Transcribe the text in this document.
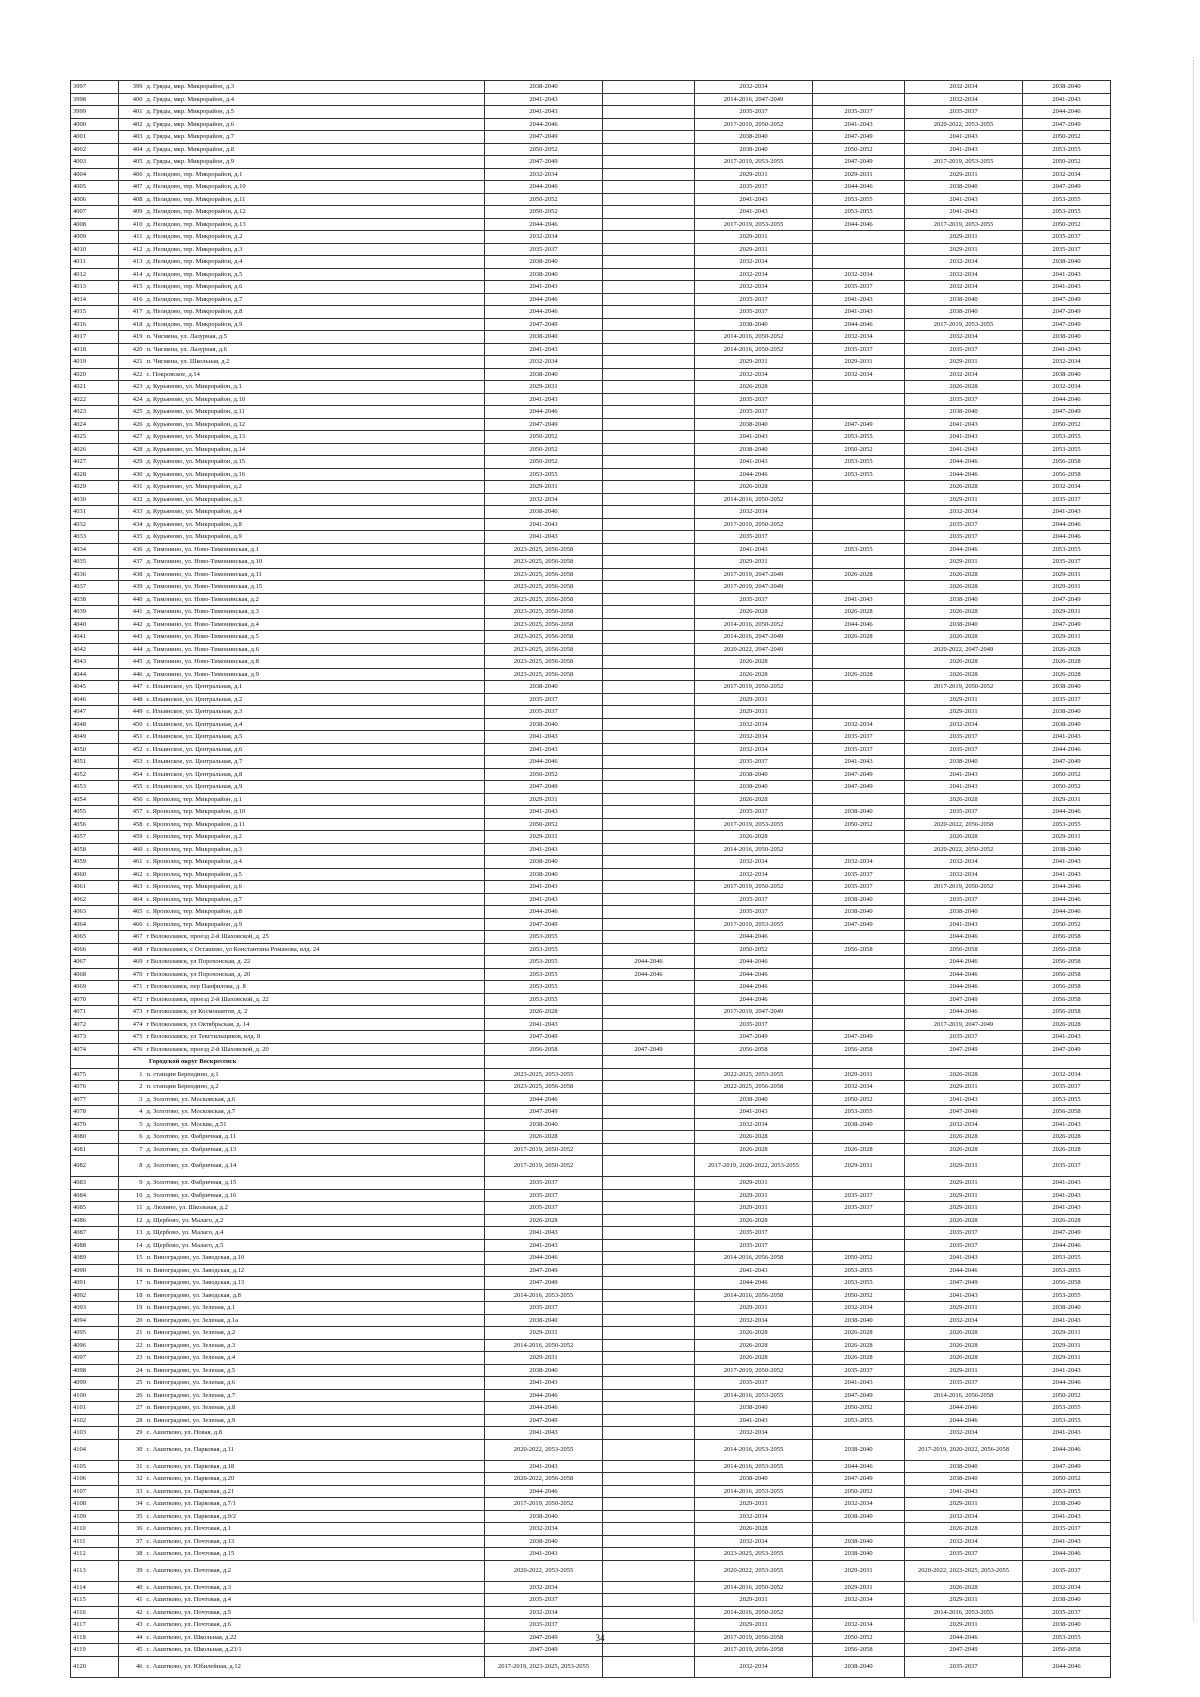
3997	399	д. Гряды, мкр. Микрорайон, д.3	2038-2040		2032-2034		2032-2034	2038-2040
3998	400	д. Гряды, мкр. Микрорайон, д.4	2041-2043		2014-2016, 2047-2049		2032-2034	2041-2043
3999	401	д. Гряды, мкр. Микрорайон, д.5	2041-2043		2035-2037	2035-2037	2035-2037	2044-2046
4000	402	д. Гряды, мкр. Микрорайон, д.6	2044-2046		2017-2019, 2050-2052	2041-2043	2020-2022, 2053-2055	2047-2049
4001	403	д. Гряды, мкр. Микрорайон, д.7	2047-2049		2038-2040	2047-2049	2041-2043	2050-2052
4002	404	д. Гряды, мкр. Микрорайон, д.8	2050-2052		2038-2040	2050-2052	2041-2043	2053-2055
4003	405	д. Гряды, мкр. Микрорайон, д.9	2047-2049		2017-2019, 2053-2055	2047-2049	2017-2019, 2053-2055	2050-2052
4004	406	д. Нелидово, тер. Микрорайон, д.1	2032-2034		2029-2031	2029-2031	2029-2031	2032-2034
4005	407	д. Нелидово, тер. Микрорайон, д.10	2044-2046		2035-2037	2044-2046	2038-2040	2047-2049
4006	408	д. Нелидово, тер. Микрорайон, д.11	2050-2052		2041-2043	2053-2055	2041-2043	2053-2055
4007	409	д. Нелидово, тер. Микрорайон, д.12	2050-2052		2041-2043	2053-2055	2041-2043	2053-2055
4008	410	д. Нелидово, тер. Микрорайон, д.13	2044-2046		2017-2019, 2053-2055	2044-2046	2017-2019, 2053-2055	2050-2052
4009	411	д. Нелидово, тер. Микрорайон, д.2	2032-2034		2029-2031		2029-2031	2035-2037
4010	412	д. Нелидово, тер. Микрорайон, д.3	2035-2037		2029-2031		2029-2031	2035-2037
4011	413	д. Нелидово, тер. Микрорайон, д.4	2038-2040		2032-2034		2032-2034	2038-2040
4012	414	д. Нелидово, тер. Микрорайон, д.5	2038-2040		2032-2034	2032-2034	2032-2034	2041-2043
4013	415	д. Нелидово, тер. Микрорайон, д.6	2041-2043		2032-2034	2035-2037	2032-2034	2041-2043
4014	416	д. Нелидово, тер. Микрорайон, д.7	2044-2046		2035-2037	2041-2043	2038-2040	2047-2049
4015	417	д. Нелидово, тер. Микрорайон, д.8	2044-2046		2035-2037	2041-2043	2038-2040	2047-2049
4016	418	д. Нелидово, тер. Микрорайон, д.9	2047-2049		2038-2040	2044-2046	2017-2019, 2053-2055	2047-2049
4017	419	п. Чисмена, ул. Лазурная, д.5	2038-2040		2014-2016, 2050-2052	2032-2034	2032-2034	2038-2040
4018	420	п. Чисмена, ул. Лазурная, д.6	2041-2043		2014-2016, 2050-2052	2035-2037	2035-2037	2041-2043
4019	421	п. Чисмена, ул. Школьная, д.2	2032-2034		2029-2031	2029-2031	2029-2031	2032-2034
4020	422	с. Покровское, д.14	2038-2040		2032-2034	2032-2034	2032-2034	2038-2040
4021	423	д. Курьяново, ул. Микрорайон, д.1	2029-2031		2026-2028		2026-2028	2032-2034
4022	424	д. Курьяново, ул. Микрорайон, д.10	2041-2043		2035-2037		2035-2037	2044-2046
4023	425	д. Курьяново, ул. Микрорайон, д.11	2044-2046		2035-2037		2038-2040	2047-2049
4024	426	д. Курьяново, ул. Микрорайон, д.12	2047-2049		2038-2040	2047-2049	2041-2043	2050-2052
4025	427	д. Курьяново, ул. Микрорайон, д.13	2050-2052		2041-2043	2053-2055	2041-2043	2053-2055
4026	428	д. Курьяново, ул. Микрорайон, д.14	2050-2052		2038-2040	2050-2052	2041-2043	2053-2055
4027	429	д. Курьяново, ул. Микрорайон, д.15	2050-2052		2041-2043	2053-2055	2044-2046	2056-2058
4028	430	д. Курьяново, ул. Микрорайон, д.16	2053-2055		2044-2046	2053-2055	2044-2046	2056-2058
4029	431	д. Курьяново, ул. Микрорайон, д.2	2029-2031		2026-2028		2026-2028	2032-2034
4030	432	д. Курьяново, ул. Микрорайон, д.3	2032-2034		2014-2016, 2050-2052		2029-2031	2035-2037
4031	433	д. Курьяново, ул. Микрорайон, д.4	2038-2040		2032-2034		2032-2034	2041-2043
4032	434	д. Курьяново, ул. Микрорайон, д.8	2041-2043		2017-2019, 2050-2052		2035-2037	2044-2046
4033	435	д. Курьяново, ул. Микрорайон, д.9	2041-2043		2035-2037		2035-2037	2044-2046
4034	436	д. Тимонино, ул. Ново-Тимонинская, д.1	2023-2025, 2056-2058		2041-2043	2053-2055	2044-2046	2053-2055
4035	437	д. Тимонино, ул. Ново-Тимонинская, д.10	2023-2025, 2056-2058		2029-2031		2029-2031	2035-2037
4036	438	д. Тимонино, ул. Ново-Тимонинская, д.11	2023-2025, 2056-2058		2017-2019, 2047-2049	2026-2028	2026-2028	2029-2031
4037	439	д. Тимонино, ул. Ново-Тимонинская, д.15	2023-2025, 2056-2058		2017-2019, 2047-2049		2026-2028	2029-2031
4038	440	д. Тимонино, ул. Ново-Тимонинская, д.2	2023-2025, 2056-2058		2035-2037	2041-2043	2038-2040	2047-2049
4039	441	д. Тимонино, ул. Ново-Тимонинская, д.3	2023-2025, 2056-2058		2026-2028	2026-2028	2026-2028	2029-2031
4040	442	д. Тимонино, ул. Ново-Тимонинская, д.4	2023-2025, 2056-2058		2014-2016, 2050-2052	2044-2046	2038-2040	2047-2049
4041	443	д. Тимонино, ул. Ново-Тимонинская, д.5	2023-2025, 2056-2058		2014-2016, 2047-2049	2026-2028	2026-2028	2029-2031
4042	444	д. Тимонино, ул. Ново-Тимонинская, д.6	2023-2025, 2056-2058		2020-2022, 2047-2049		2020-2022, 2047-2049	2026-2028
4043	445	д. Тимонино, ул. Ново-Тимонинская, д.8	2023-2025, 2056-2058		2026-2028		2026-2028	2026-2028
4044	446	д. Тимонино, ул. Ново-Тимонинская, д.9	2023-2025, 2056-2058		2026-2028	2026-2028	2026-2028	2026-2028
4045	447	с. Ильинское, ул. Центральная, д.1	2038-2040		2017-2019, 2050-2052		2017-2019, 2050-2052	2038-2040
4046	448	с. Ильинское, ул. Центральная, д.2	2035-2037		2029-2031		2029-2031	2035-2037
4047	449	с. Ильинское, ул. Центральная, д.3	2035-2037		2029-2031		2029-2031	2038-2040
4048	450	с. Ильинское, ул. Центральная, д.4	2038-2040		2032-2034	2032-2034	2032-2034	2038-2040
4049	451	с. Ильинское, ул. Центральная, д.5	2041-2043		2032-2034	2035-2037	2035-2037	2041-2043
4050	452	с. Ильинское, ул. Центральная, д.6	2041-2043		2032-2034	2035-2037	2035-2037	2044-2046
4051	453	с. Ильинское, ул. Центральная, д.7	2044-2046		2035-2037	2041-2043	2038-2040	2047-2049
4052	454	с. Ильинское, ул. Центральная, д.8	2050-2052		2038-2040	2047-2049	2041-2043	2050-2052
4053	455	с. Ильинское, ул. Центральная, д.9	2047-2049		2038-2040	2047-2049	2041-2043	2050-2052
4054	456	с. Ярополец, тер. Микрорайон, д.1	2029-2031		2026-2028		2026-2028	2029-2031
4055	457	с. Ярополец, тер. Микрорайон, д.10	2041-2043		2035-2037	2038-2040	2035-2037	2044-2046
4056	458	с. Ярополец, тер. Микрорайон, д.11	2050-2052		2017-2019, 2053-2055	2050-2052	2020-2022, 2056-2058	2053-2055
4057	459	с. Ярополец, тер. Микрорайон, д.2	2029-2031		2026-2028		2026-2028	2029-2031
4058	460	с. Ярополец, тер. Микрорайон, д.3	2041-2043		2014-2016, 2050-2052		2020-2022, 2050-2052	2038-2040
4059	461	с. Ярополец, тер. Микрорайон, д.4	2038-2040		2032-2034	2032-2034	2032-2034	2041-2043
4060	462	с. Ярополец, тер. Микрорайон, д.5	2038-2040		2032-2034	2035-2037	2032-2034	2041-2043
4061	463	с. Ярополец, тер. Микрорайон, д.6	2041-2043		2017-2019, 2050-2052	2035-2037	2017-2019, 2050-2052	2044-2046
4062	464	с. Ярополец, тер. Микрорайон, д.7	2041-2043		2035-2037	2038-2040	2035-2037	2044-2046
4063	465	с. Ярополец, тер. Микрорайон, д.8	2044-2046		2035-2037	2038-2040	2038-2040	2044-2046
4064	466	с. Ярополец, тер. Микрорайон, д.9	2047-2049		2017-2019, 2053-2055	2047-2049	2041-2043	2050-2052
4065	467	г Волоколамск, проезд 2-й Шаховской, д. 25	2053-2055		2044-2046		2044-2046	2056-2058
4066	468	г Волоколамск, с Осташево, ул Константина Романова, влд. 24	2053-2055		2050-2052	2056-2058	2056-2058	2056-2058
4067	469	г Волоколамск, ул Порохонская, д. 22	2053-2055	2044-2046	2044-2046		2044-2046	2056-2058
4068	470	г Волоколамск, ул Порохонская, д. 20	2053-2055	2044-2046	2044-2046		2044-2046	2056-2058
4069	471	г Волоколамск, пер Панфилова, д. 8	2053-2055		2044-2046		2044-2046	2056-2058
4070	472	г Волоколамск, проезд 2-й Шаховской, д. 22	2053-2055		2044-2046		2047-2049	2056-2058
4071	473	г Волоколамск, ул Космонавтов, д. 2	2026-2028		2017-2019, 2047-2049		2044-2046	2056-2058
4072	474	г Волоколамск, ул Октябрьская, д. 14	2041-2043		2035-2037		2017-2019, 2047-2049	2026-2028
4073	475	г Волоколамск, ул Текстильщиков, влд. 8	2047-2049		2047-2049	2047-2049	2035-2037	2041-2043
4074	476	г Волоколамск, проезд 2-й Шаховской, д. 20	2056-2058	2047-2049	2056-2058	2056-2058	2047-2049	2047-2049
	Городской округ Воскресенск							
4075	1	п. станции Берендино, д.1	2023-2025, 2053-2055		2022-2025, 2053-2055	2029-2031	2026-2028	2032-2034
4076	2	п. станции Берендино, д.2	2023-2025, 2056-2058		2022-2025, 2056-2058	2032-2034	2029-2031	2035-2037
4077	3	д. Золотово, ул. Московская, д.6	2044-2046		2038-2040	2050-2052	2041-2043	2053-2055
4078	4	д. Золотово, ул. Московская, д.7	2047-2049		2041-2043	2053-2055	2047-2049	2056-2058
4079	5	д. Золотово, ул. Москва, д.51	2038-2040		2032-2034	2038-2040	2032-2034	2041-2043
4080	6	д. Золотово, ул. Фабричная, д.11	2026-2028		2026-2028		2026-2028	2026-2028
4081	7	д. Золотово, ул. Фабричная, д.13	2017-2019, 2050-2052		2026-2028	2026-2028	2026-2028	2026-2028
4082	8	д. Золотово, ул. Фабричная, д.14	2017-2019, 2050-2052		2017-2019, 2020-2022, 2053-2055	2029-2031	2029-2031	2035-2037
4083	9	д. Золотово, ул. Фабричная, д.15	2035-2037		2029-2031		2029-2031	2041-2043
4084	10	д. Золотово, ул. Фабричная, д.16	2035-2037		2029-2031	2035-2037	2029-2031	2041-2043
4085	11	д. Люлино, ул. Школьная, д.2	2035-2037		2029-2031	2035-2037	2029-2031	2041-2043
4086	12	д. Щербово, ул. Малаго, д.2	2026-2028		2026-2028		2026-2028	2026-2028
4087	13	д. Щербово, ул. Малаго, д.4	2041-2043		2035-2037		2035-2037	2047-2049
4088	14	д. Щербово, ул. Малаго, д.5	2041-2043		2035-2037		2035-2037	2044-2046
4089	15	п. Виноградово, ул. Заводская, д.10	2044-2046		2014-2016, 2056-2058	2050-2052	2041-2043	2053-2055
4090	16	п. Виноградово, ул. Заводская, д.12	2047-2049		2041-2043	2053-2055	2044-2046	2053-2055
4091	17	п. Виноградово, ул. Заводская, д.13	2047-2049		2044-2046	2053-2055	2047-2049	2056-2058
4092	18	п. Виноградово, ул. Заводская, д.8	2014-2016, 2053-2055		2014-2016, 2056-2058	2050-2052	2041-2043	2053-2055
4093	19	п. Виноградово, ул. Зеленая, д.1	2035-2037		2029-2031	2032-2034	2029-2031	2038-2040
4094	20	п. Виноградово, ул. Зеленая, д.1а	2038-2040		2032-2034	2038-2040	2032-2034	2041-2043
4095	21	п. Виноградово, ул. Зеленая, д.2	2029-2031		2026-2028	2026-2028	2026-2028	2029-2031
4096	22	п. Виноградово, ул. Зеленая, д.3	2014-2016, 2050-2052		2026-2028	2026-2028	2026-2028	2029-2031
4097	23	п. Виноградово, ул. Зеленая, д.4	2029-2031		2026-2028	2026-2028	2026-2028	2029-2031
4098	24	п. Виноградово, ул. Зеленая, д.5	2038-2040		2017-2019, 2050-2052	2035-2037	2029-2031	2041-2043
4099	25	п. Виноградово, ул. Зеленая, д.6	2041-2043		2035-2037	2041-2043	2035-2037	2044-2046
4100	26	п. Виноградово, ул. Зеленая, д.7	2044-2046		2014-2016, 2053-2055	2047-2049	2014-2016, 2056-2058	2050-2052
4101	27	п. Виноградово, ул. Зеленая, д.8	2044-2046		2038-2040	2050-2052	2044-2046	2053-2055
4102	28	п. Виноградово, ул. Зеленая, д.9	2047-2049		2041-2043	2053-2055	2044-2046	2053-2055
4103	29	с. Ашитково, ул. Новая, д.8	2041-2043		2032-2034		2032-2034	2041-2043
4104	30	с. Ашитково, ул. Парковая, д.11	2020-2022, 2053-2055		2014-2016, 2053-2055	2038-2040	2017-2019, 2020-2022, 2056-2058	2044-2046
4105	31	с. Ашитково, ул. Парковая, д.18	2041-2043		2014-2016, 2053-2055	2044-2046	2038-2040	2047-2049
4106	32	с. Ашитково, ул. Парковая, д.20	2020-2022, 2056-2058		2038-2040	2047-2049	2038-2040	2050-2052
4107	33	с. Ашитково, ул. Парковая, д.21	2044-2046		2014-2016, 2053-2055	2050-2052	2041-2043	2053-2055
4108	34	с. Ашитково, ул. Парковая, д.7/1	2017-2019, 2050-2052		2029-2031	2032-2034	2029-2031	2038-2040
4109	35	с. Ашитково, ул. Парковая, д.9/2	2038-2040		2032-2034	2038-2040	2032-2034	2041-2043
4110	36	с. Ашитково, ул. Почтовая, д.1	2032-2034		2026-2028		2026-2028	2035-2037
4111	37	с. Ашитково, ул. Почтовая, д.13	2038-2040		2032-2034	2038-2040	2032-2034	2041-2043
4112	38	с. Ашитково, ул. Почтовая, д.15	2041-2043		2023-2025, 2053-2055	2038-2040	2035-2037	2044-2046
4113	39	с. Ашитково, ул. Почтовая, д.2	2020-2022, 2053-2055		2020-2022, 2053-2055	2029-2031	2020-2022, 2023-2025, 2053-2055	2035-2037
4114	40	с. Ашитково, ул. Почтовая, д.3	2032-2034		2014-2016, 2050-2052	2029-2031	2026-2028	2032-2034
4115	41	с. Ашитково, ул. Почтовая, д.4	2035-2037		2029-2031	2032-2034	2029-2031	2038-2040
4116	42	с. Ашитково, ул. Почтовая, д.5	2032-2034		2014-2016, 2050-2052		2014-2016, 2053-2055	2035-2037
4117	43	с. Ашитково, ул. Почтовая, д.6	2035-2037		2029-2031	2032-2034	2029-2031	2038-2040
4118	44	с. Ашитково, ул. Школьная, д.22	2047-2049		2017-2019, 2056-2058	2050-2052	2044-2046	2053-2055
4119	45	с. Ашитково, ул. Школьная, д.23/1	2047-2049		2017-2019, 2056-2058	2056-2058	2047-2049	2056-2058
4120	46	с. Ашитково, ул. Юбилейная, д.12	2017-2019, 2023-2025, 2053-2055		2032-2034	2038-2040	2035-2037	2044-2046
34
